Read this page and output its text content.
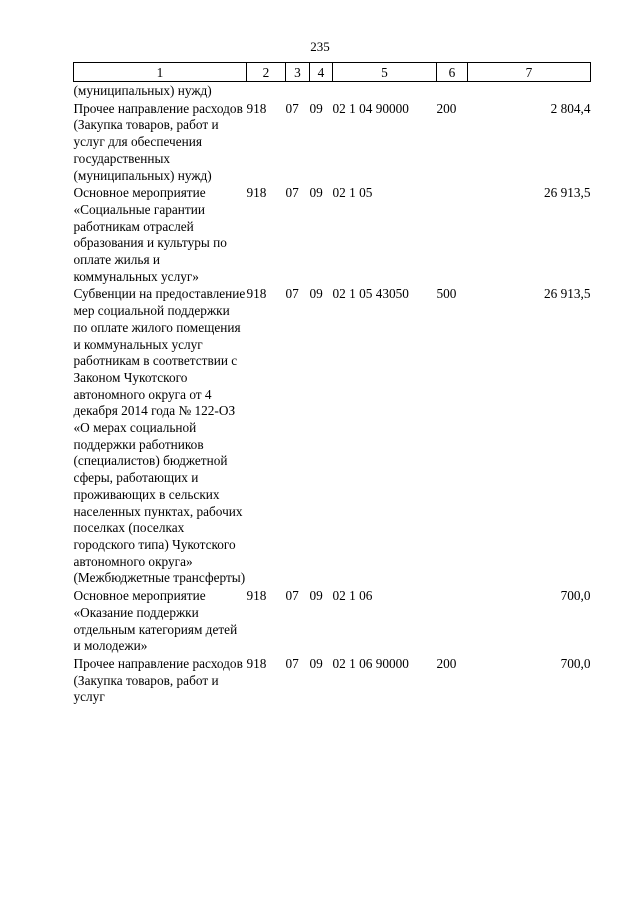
235
1	2	3	4	5	6	7
(муниципальных) нужд)						
Прочее направление расходов (Закупка товаров, работ и услуг для обеспечения государственных (муниципальных) нужд)	918	07	09	02 1 04 90000	200	2 804,4
Основное мероприятие «Социальные гарантии работникам отраслей образования и культуры по оплате жилья и коммунальных услуг»	918	07	09	02 1 05		26 913,5
Субвенции на предоставление мер социальной поддержки по оплате жилого помещения и коммунальных услуг работникам в соответствии с Законом Чукотского автономного округа от 4 декабря 2014 года № 122-ОЗ «О мерах социальной поддержки работников (специалистов) бюджетной сферы, работающих и проживающих в сельских населенных пунктах, рабочих поселках (поселках городского типа) Чукотского автономного округа» (Межбюджетные трансферты)	918	07	09	02 1 05 43050	500	26 913,5
Основное мероприятие «Оказание поддержки отдельным категориям детей и молодежи»	918	07	09	02 1 06		700,0
Прочее направление расходов (Закупка товаров, работ и услуг	918	07	09	02 1 06 90000	200	700,0
